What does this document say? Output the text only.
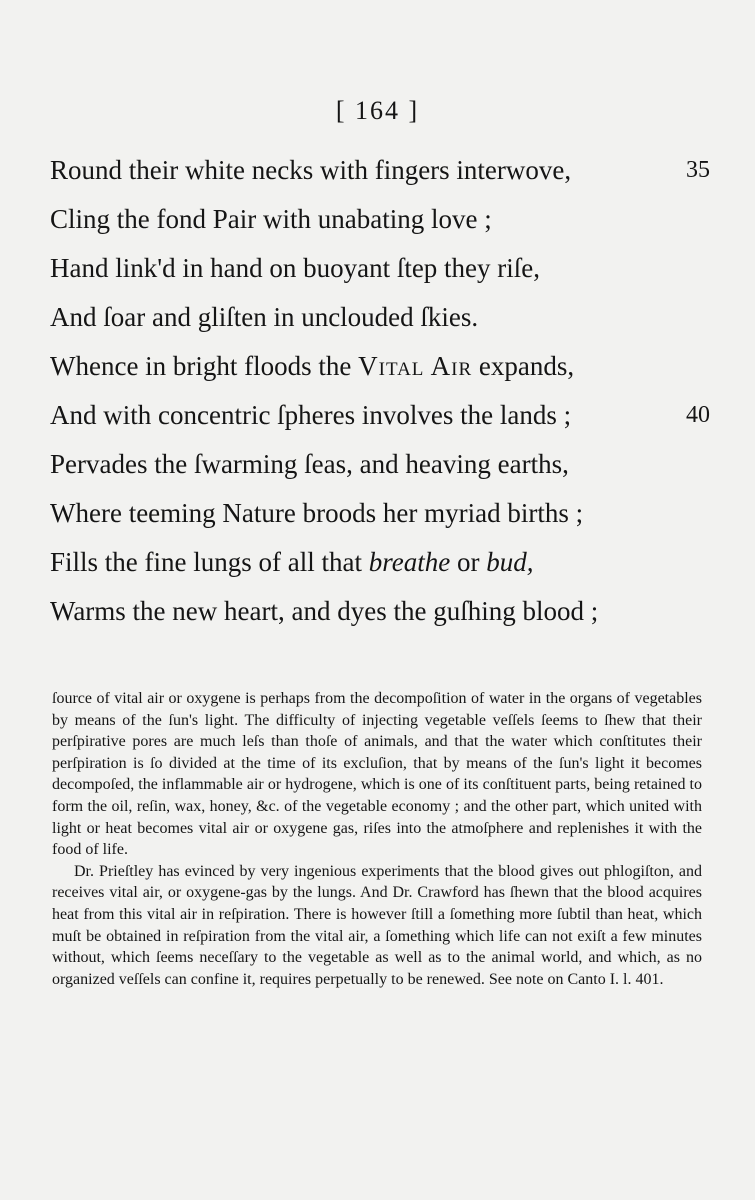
[ 164 ]
Round their white necks with fingers interwove,	35
Cling the fond Pair with unabating love ;
Hand link'd in hand on buoyant ſtep they riſe,
And ſoar and gliſten in unclouded ſkies.
Whence in bright floods the Vital Air expands,
And with concentric ſpheres involves the lands ;	40
Pervades the ſwarming ſeas, and heaving earths,
Where teeming Nature broods her myriad births ;
Fills the fine lungs of all that breathe or bud,
Warms the new heart, and dyes the guſhing blood ;

ſource of vital air or oxygene is perhaps from the decompoſition of water in the organs of vegetables by means of the ſun's light. The difficulty of injecting vegetable veſſels ſeems to ſhew that their perſpirative pores are much leſs than thoſe of animals, and that the water which conſtitutes their perſpiration is ſo divided at the time of its excluſion, that by means of the ſun's light it becomes decompoſed, the inflammable air or hydrogene, which is one of its conſtituent parts, being retained to form the oil, reſin, wax, honey, &c. of the vegetable economy ; and the other part, which united with light or heat becomes vital air or oxygene gas, riſes into the atmoſphere and replenishes it with the food of life.

Dr. Prieſtley has evinced by very ingenious experiments that the blood gives out phlogiſton, and receives vital air, or oxygene-gas by the lungs. And Dr. Crawford has ſhewn that the blood acquires heat from this vital air in reſpiration. There is however ſtill a ſomething more ſubtil than heat, which muſt be obtained in reſpiration from the vital air, a ſomething which life can not exiſt a few minutes without, which ſeems neceſſary to the vegetable as well as to the animal world, and which, as no organized veſſels can confine it, requires perpetually to be renewed. See note on Canto I. l. 401.
